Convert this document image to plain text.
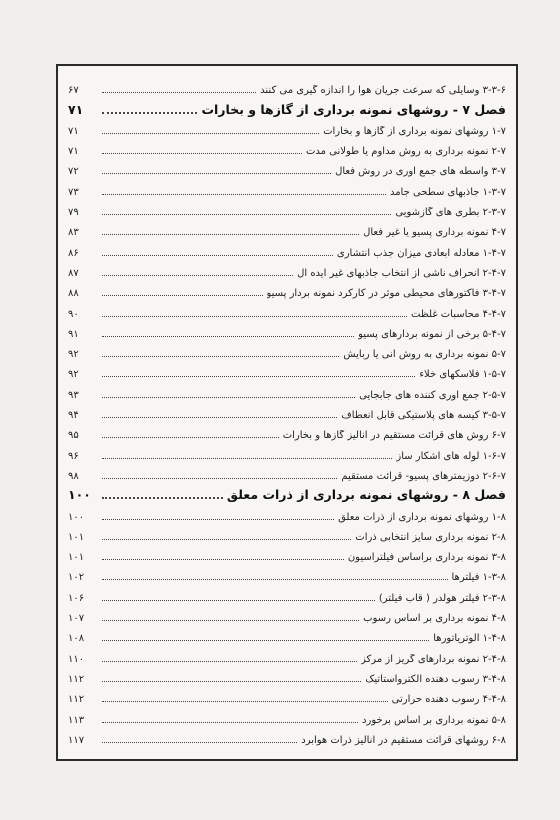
۶۷	۳-۳-۶ وسایلی که سرعت جریان هوا را اندازه گیری می کنند
۷۱	فصل ۷ - روشهای نمونه برداری از گازها و بخارات
۷۱	۱-۷ روشهای نمونه برداری از گازها و بخارات
۷۱	۲-۷ نمونه برداری به روش مداوم یا طولانی مدت
۷۲	۳-۷ واسطه های جمع آوری در روش فعال
۷۳	۱-۳-۷ جاذبهای سطحی جامد
۷۹	۲-۳-۷ بطری های گازشویی
۸۳	۴-۷ نمونه برداری پسیو یا غیر فعال
۸۶	۱-۴-۷ معادله ابعادی میزان جذب انتشاری
۸۷	۲-۴-۷ انحراف ناشی از انتخاب جاذبهای غیر ایده آل
۸۸	۳-۴-۷ فاکتورهای محیطی موثر در کارکرد نمونه بردار پسیو
۹۰	۴-۴-۷ محاسبات غلظت
۹۱	۵-۴-۷ برخی از نمونه بردارهای پسیو
۹۲	۵-۷ نمونه برداری به روش آنی یا ربایش
۹۲	۱-۵-۷ فلاسکهای خلاء
۹۳	۲-۵-۷ جمع آوری کننده های جابجایی
۹۴	۳-۵-۷ کیسه های پلاستیکی قابل انعطاف
۹۵	۶-۷ روش های قرائت مستقیم در آنالیز گازها و بخارات
۹۶	۱-۶-۷ لوله های آشکار ساز
۹۸	۲-۶-۷ دوزیمترهای پسیو- قرائت مستقیم
۱۰۰	فصل ۸ - روشهای نمونه برداری از ذرات معلق
۱۰۰	۱-۸ روشهای نمونه برداری از ذرات معلق
۱۰۱	۲-۸ نمونه برداری سایز انتخابی ذرات
۱۰۱	۳-۸ نمونه برداری براساس فیلتراسیون
۱۰۲	۱-۳-۸ فیلترها
۱۰۶	۲-۳-۸ فیلتر هولدر ( قاب فیلتر)
۱۰۷	۴-۸ نمونه برداری بر اساس رسوب
۱۰۸	۱-۴-۸ الوتریاتورها
۱۱۰	۲-۴-۸ نمونه بردارهای گریز از مرکز
۱۱۲	۳-۴-۸ رسوب دهنده الکترواستاتیک
۱۱۲	۴-۴-۸ رسوب دهنده حرارتی
۱۱۳	۵-۸ نمونه برداری بر اساس برخورد
۱۱۷	۶-۸ روشهای قرائت مستقیم در آنالیز ذرات هوابرد
